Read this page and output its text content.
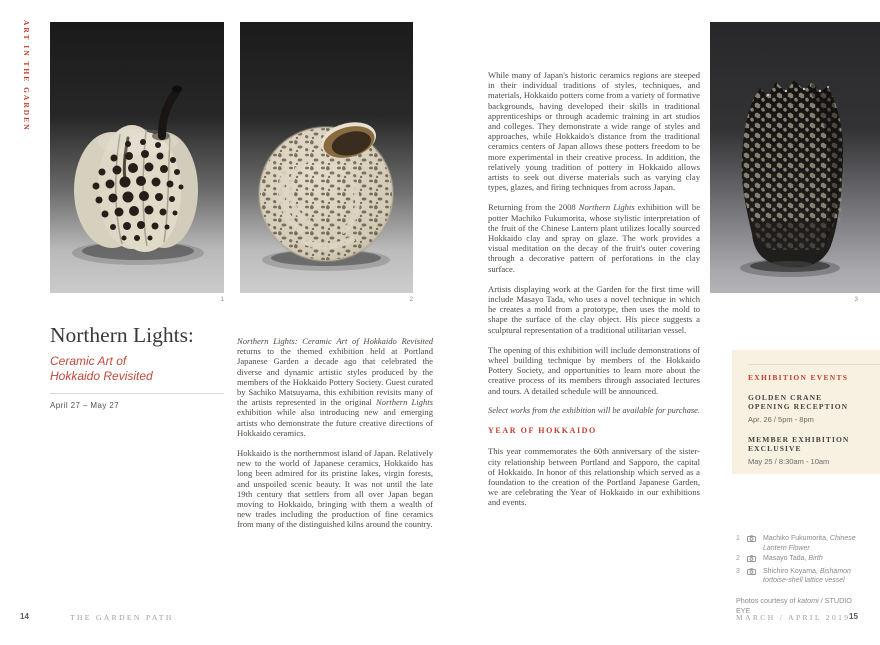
ART IN THE GARDEN
1	2	3
Northern Lights:
Ceramic Art of
Hokkaido Revisited
April 27 – May 27

Northern Lights: Ceramic Art of Hokkaido Revisited returns to the themed exhibition held at Portland Japanese Garden a decade ago that celebrated the diverse and dynamic artistic styles produced by the members of the Hokkaido Pottery Society. Guest curated by Sachiko Matsuyama, this exhibition revisits many of the artists represented in the original Northern Lights exhibition while also introducing new and emerging artists who demonstrate the future creative directions of Hokkaido ceramics.

Hokkaido is the northernmost island of Japan. Relatively new to the world of Japanese ceramics, Hokkaido has long been admired for its pristine lakes, virgin forests, and unspoiled scenic beauty. It was not until the late 19th century that settlers from all over Japan began moving to Hokkaido, bringing with them a wealth of new trades including the production of fine ceramics from many of the distinguished kilns around the country.

While many of Japan's historic ceramics regions are steeped in their individual traditions of styles, techniques, and materials, Hokkaido potters come from a variety of formative backgrounds, having developed their skills in traditional apprenticeships or through academic training in art studios and colleges. They demonstrate a wide range of styles and approaches, while Hokkaido's distance from the traditional ceramics centers of Japan allows these potters freedom to be more experimental in their creative process. In addition, the relatively young tradition of pottery in Hokkaido allows artists to seek out diverse materials such as varying clay types, glazes, and firing techniques from across Japan.

Returning from the 2008 Northern Lights exhibition will be potter Machiko Fukumorita, whose stylistic interpretation of the fruit of the Chinese Lantern plant utilizes locally sourced Hokkaido clay and spray on glaze. The work provides a visual meditation on the decay of the fruit's outer covering through a decorative pattern of perforations in the clay surface.

Artists displaying work at the Garden for the first time will include Masayo Tada, who uses a novel technique in which he creates a mold from a prototype, then uses the mold to shape the surface of the clay object. His piece suggests a sculptural representation of a traditional utilitarian vessel.

The opening of this exhibition will include demonstrations of wheel building technique by members of the Hokkaido Pottery Society, and opportunities to learn more about the creative process of its members through associated lectures and tours. A detailed schedule will be announced.

Select works from the exhibition will be available for purchase.

YEAR OF HOKKAIDO

This year commemorates the 60th anniversary of the sister-city relationship between Portland and Sapporo, the capital of Hokkaido. In honor of this relationship which served as a foundation to the creation of the Portland Japanese Garden, we are celebrating the Year of Hokkaido in our exhibitions and events.

EXHIBITION EVENTS
GOLDEN CRANE
OPENING RECEPTION
Apr. 26 / 5pm - 8pm
MEMBER EXHIBITION
EXCLUSIVE
May 25 / 8:30am - 10am
1	Machiko Fukumorita, Chinese Lantern Flower
2	Masayo Tada, Birth
3	Shichiro Koyama, Bishamon tortoise-shell lattice vessel
Photos courtesy of katomi / STUDIO EYE
14	THE GARDEN PATH	MARCH / APRIL 2019
15
